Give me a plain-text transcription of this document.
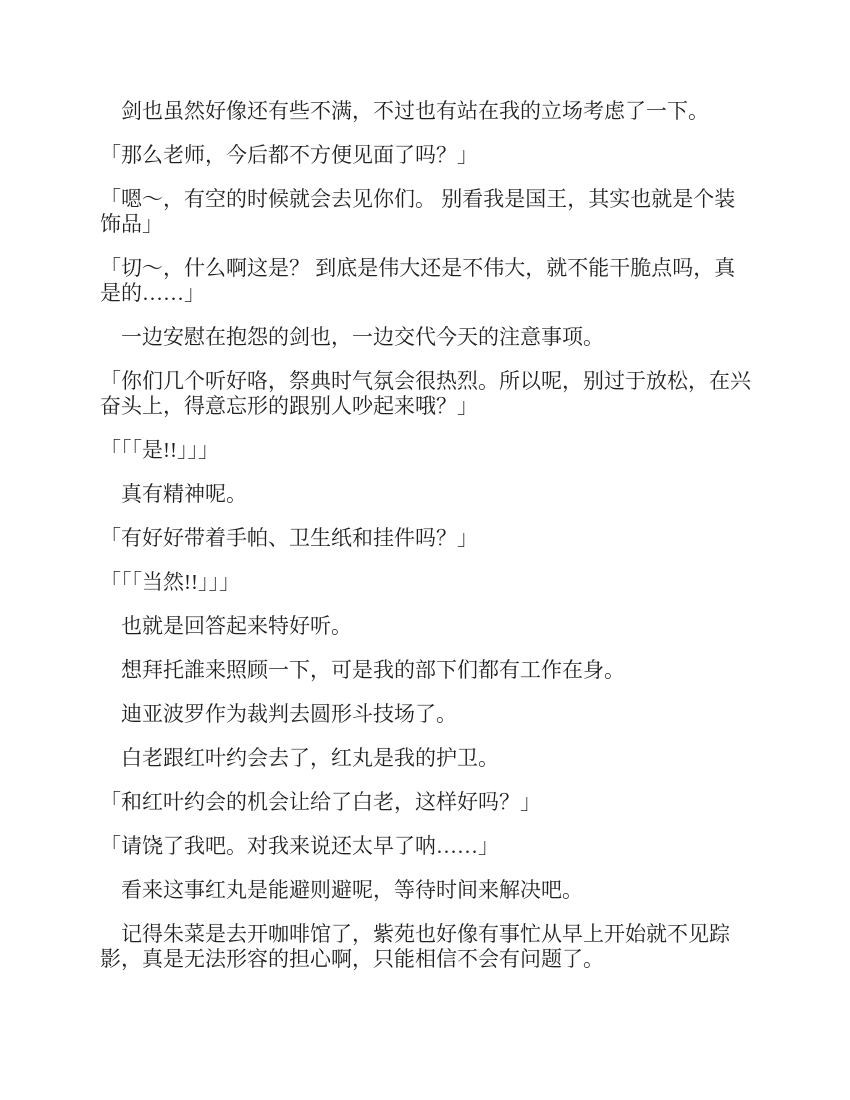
　剑也虽然好像还有些不满，不过也有站在我的立场考虑了一下。

「那么老师，今后都不方便见面了吗？」

「嗯～，有空的时候就会去见你们。 别看我是国王，其实也就是个装饰品」

「切～，什么啊这是？ 到底是伟大还是不伟大，就不能干脆点吗，真是的……」

　一边安慰在抱怨的剑也，一边交代今天的注意事项。

「你们几个听好咯，祭典时气氛会很热烈。所以呢，别过于放松，在兴奋头上，得意忘形的跟别人吵起来哦？」

「「「是!!」」」

　真有精神呢。

「有好好带着手帕、卫生纸和挂件吗？」

「「「当然!!」」」

　也就是回答起来特好听。

　想拜托誰来照顾一下，可是我的部下们都有工作在身。

　迪亚波罗作为裁判去圆形斗技场了。

　白老跟红叶约会去了，红丸是我的护卫。

「和红叶约会的机会让给了白老，这样好吗？」

「请饶了我吧。对我来说还太早了呐……」

　看来这事红丸是能避则避呢，等待时间来解决吧。

　记得朱菜是去开咖啡馆了，紫苑也好像有事忙从早上开始就不见踪影，真是无法形容的担心啊，只能相信不会有问题了。
